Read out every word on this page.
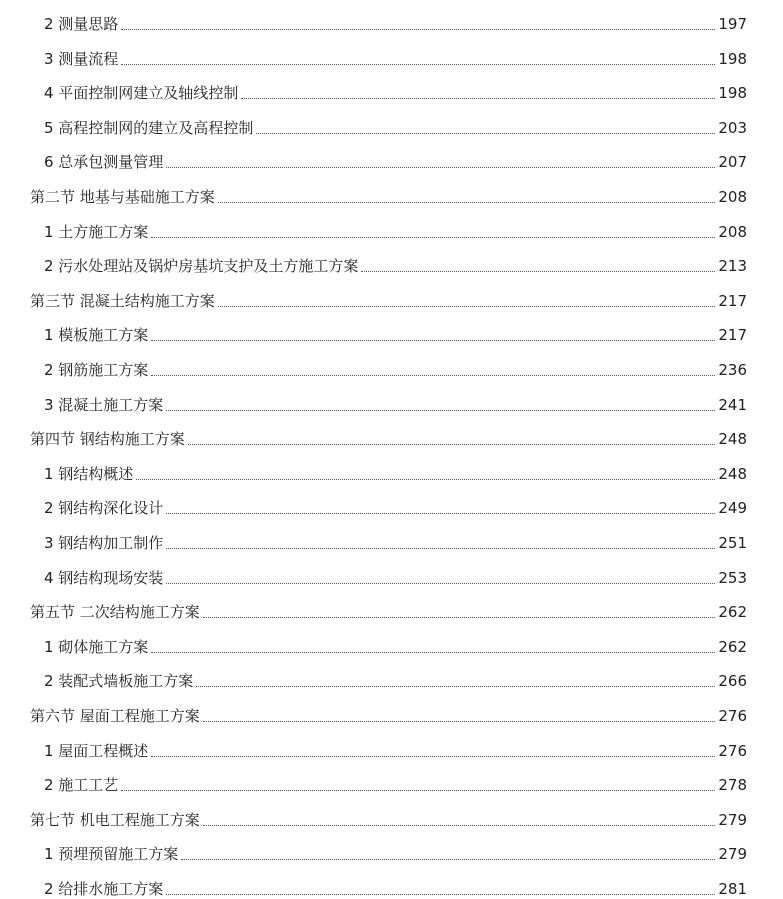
2 测量思路	197
3 测量流程	198
4 平面控制网建立及轴线控制	198
5 高程控制网的建立及高程控制	203
6 总承包测量管理	207
第二节 地基与基础施工方案	208
1 土方施工方案	208
2 污水处理站及锅炉房基坑支护及土方施工方案	213
第三节 混凝土结构施工方案	217
1 模板施工方案	217
2 钢筋施工方案	236
3 混凝土施工方案	241
第四节 钢结构施工方案	248
1 钢结构概述	248
2 钢结构深化设计	249
3 钢结构加工制作	251
4 钢结构现场安装	253
第五节 二次结构施工方案	262
1 砌体施工方案	262
2 装配式墙板施工方案	266
第六节 屋面工程施工方案	276
1 屋面工程概述	276
2 施工工艺	278
第七节 机电工程施工方案	279
1 预埋预留施工方案	279
2 给排水施工方案	281
